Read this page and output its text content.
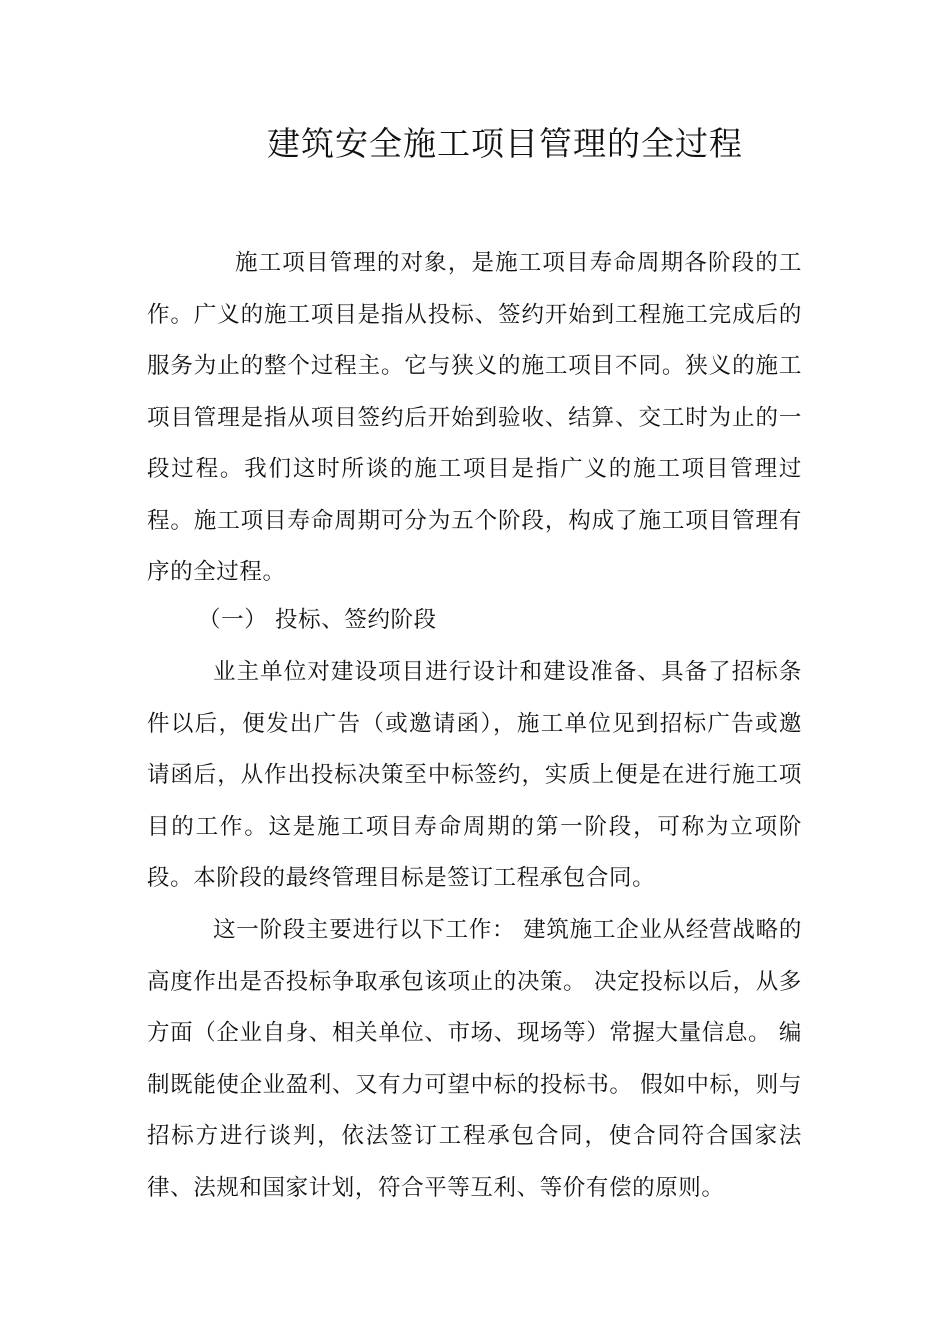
建筑安全施工项目管理的全过程

施工项目管理的对象，是施工项目寿命周期各阶段的工作。广义的施工项目是指从投标、签约开始到工程施工完成后的服务为止的整个过程主。它与狭义的施工项目不同。狭义的施工项目管理是指从项目签约后开始到验收、结算、交工时为止的一段过程。我们这时所谈的施工项目是指广义的施工项目管理过程。施工项目寿命周期可分为五个阶段，构成了施工项目管理有序的全过程。

（一） 投标、签约阶段

业主单位对建设项目进行设计和建设准备、具备了招标条件以后，便发出广告（或邀请函），施工单位见到招标广告或邀请函后，从作出投标决策至中标签约，实质上便是在进行施工项目的工作。这是施工项目寿命周期的第一阶段，可称为立项阶段。本阶段的最终管理目标是签订工程承包合同。

这一阶段主要进行以下工作： 建筑施工企业从经营战略的高度作出是否投标争取承包该项止的决策。 决定投标以后，从多方面（企业自身、相关单位、市场、现场等）常握大量信息。 编制既能使企业盈利、又有力可望中标的投标书。 假如中标，则与招标方进行谈判，依法签订工程承包合同，使合同符合国家法律、法规和国家计划，符合平等互利、等价有偿的原则。
